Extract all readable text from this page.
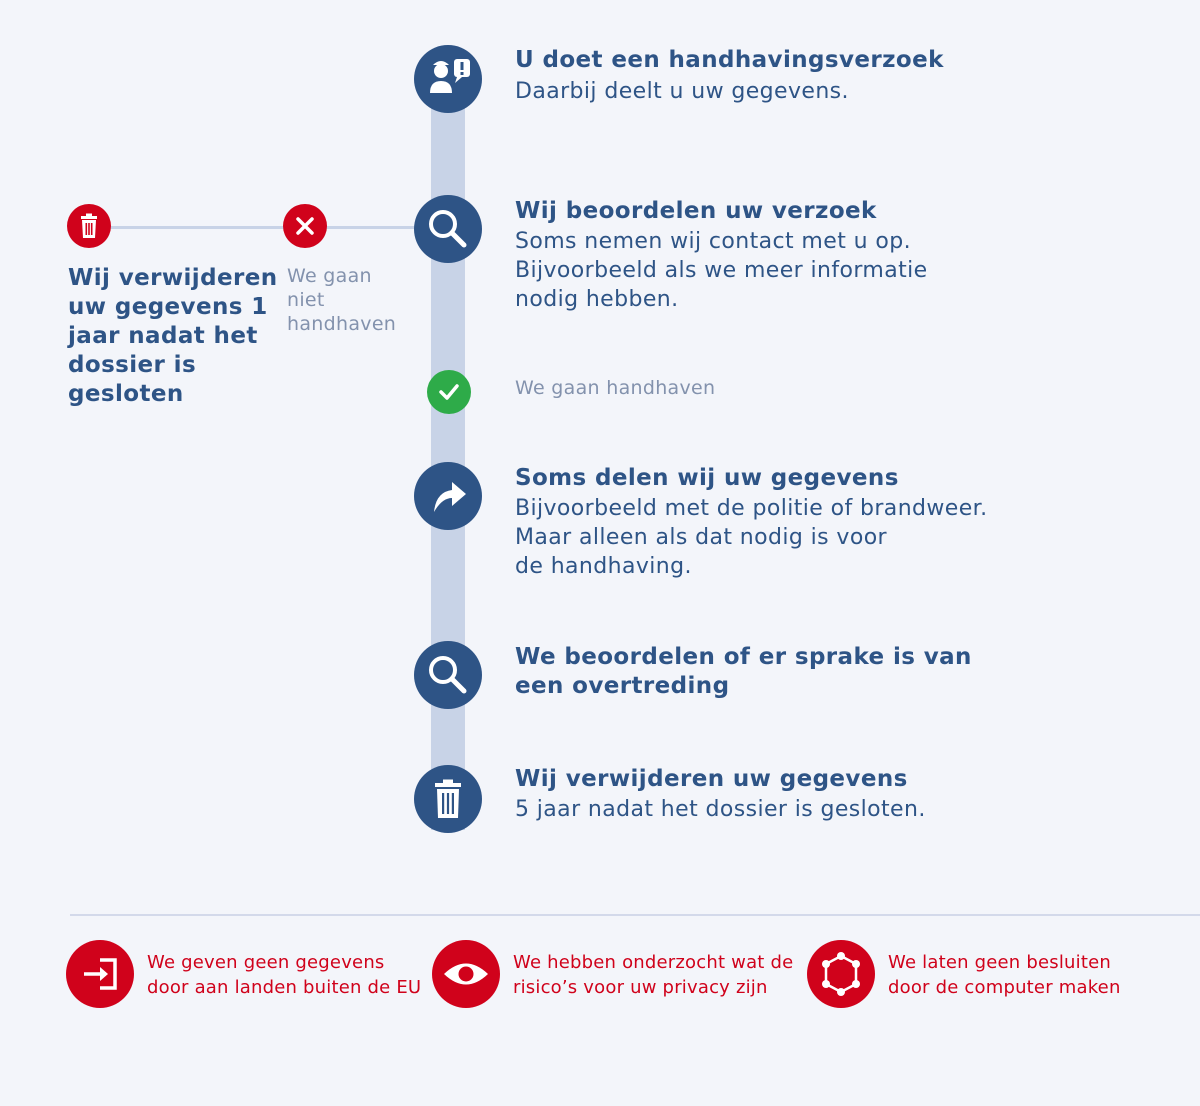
U doet een handhavingsverzoek
Daarbij deelt u uw gegevens.
Wij beoordelen uw verzoek
Soms nemen wij contact met u op.
Bijvoorbeeld als we meer informatie
nodig hebben.
We gaan
niet
handhaven
Wij verwijderen
uw gegevens 1
jaar nadat het
dossier is
gesloten	We gaan handhaven
Soms delen wij uw gegevens
Bijvoorbeeld met de politie of brandweer.
Maar alleen als dat nodig is voor
de handhaving.
We beoordelen of er sprake is van
een overtreding
Wij verwijderen uw gegevens
5 jaar nadat het dossier is gesloten.
We geven geen gegevens
door aan landen buiten de EU
We hebben onderzocht wat de
risico’s voor uw privacy zijn
We laten geen besluiten
door de computer maken
